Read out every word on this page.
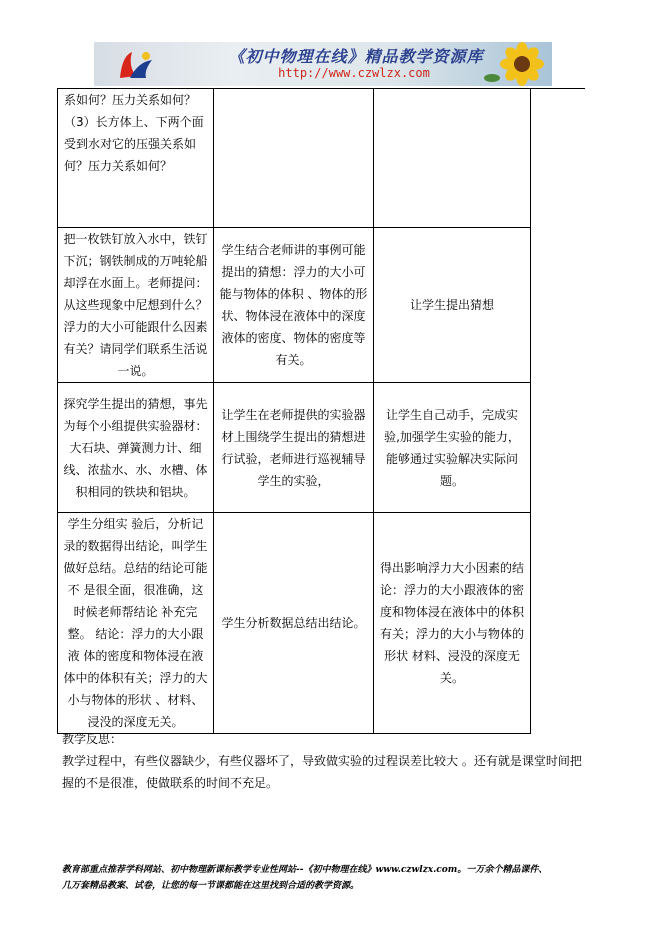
《初中物理在线》精品教学资源库
http://www.czwlzx.com
系如何？压力关系如何？（3）长方体上、下两个面受到水对它的压强关系如何？压力关系如何？		
把一枚铁钉放入水中，铁钉下沉；钢铁制成的万吨轮船却浮在水面上。老师提问：从这些现象中尼想到什么？浮力的大小可能跟什么因素有关？请同学们联系生活说一说。	学生结合老师讲的事例可能提出的猜想：浮力的大小可能与物体的体积 、物体的形状、物体浸在液体中的深度 液体的密度、物体的密度等有关。	让学生提出猜想
探究学生提出的猜想，事先为每个小组提供实验器材：大石块、弹簧测力计、细线、浓盐水、水、水槽、体积相同的铁块和铝块。	让学生在老师提供的实验器材上围绕学生提出的猜想进行试验，老师进行巡视辅导学生的实验，	让学生自己动手，完成实验,加强学生实验的能力，能够通过实验解决实际问题。
学生分组实 验后，分析记录的数据得出结论，叫学生做好总结。总结的结论可能不 是很全面，很准确，这时候老师帮结论 补充完整。 结论：浮力的大小跟液 体的密度和物体浸在液体中的体积有关；浮力的大小与物体的形状 、材料、浸没的深度无关。	学生分析数据总结出结论。	得出影响浮力大小因素的结论：浮力的大小跟液体的密度和物体浸在液体中的体积有关；浮力的大小与物体的形状 材料、浸没的深度无关。

教学反思：

教学过程中，有些仪器缺少，有些仪器坏了，导致做实验的过程误差比较大 。还有就是课堂时间把握的不是很准，使做联系的时间不充足。

教育部重点推荐学科网站、初中物理新课标教学专业性网站--《初中物理在线》www.czwlzx.com。一万余个精品课件、

几万套精品教案、试卷，让您的每一节课都能在这里找到合适的教学资源。
